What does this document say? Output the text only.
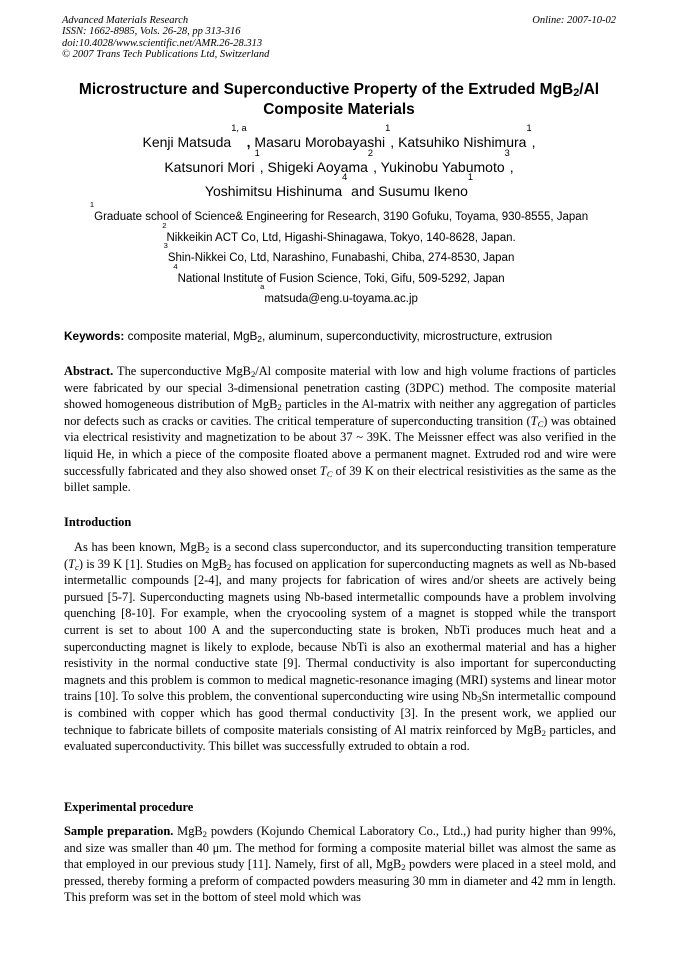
Advanced Materials Research
ISSN: 1662-8985, Vols. 26-28, pp 313-316
doi:10.4028/www.scientific.net/AMR.26-28.313
© 2007 Trans Tech Publications Ltd, Switzerland
Online: 2007-10-02
Microstructure and Superconductive Property of the Extruded MgB$_2$/Al
Composite Materials
Kenji Matsuda$^{1, a}$, Masaru Morobayashi$^1$, Katsuhiko Nishimura$^1$,
Katsunori Mori$^1$, Shigeki Aoyama$^2$, Yukinobu Yabumoto$^3$,
Yoshimitsu Hishinuma$^4$ and Susumu Ikeno$^1$
$^1$Graduate school of Science& Engineering for Research, 3190 Gofuku, Toyama, 930-8555, Japan
$^2$Nikkeikin ACT Co, Ltd, Higashi-Shinagawa, Tokyo, 140-8628, Japan.
$^3$Shin-Nikkei Co, Ltd, Narashino, Funabashi, Chiba, 274-8530, Japan
$^4$National Institute of Fusion Science, Toki, Gifu, 509-5292, Japan
$^a$matsuda@eng.u-toyama.ac.jp
Keywords: composite material, MgB$_2$, aluminum, superconductivity, microstructure, extrusion
Abstract. The superconductive MgB$_2$/Al composite material with low and high volume fractions of particles were fabricated by our special 3-dimensional penetration casting (3DPC) method. The composite material showed homogeneous distribution of MgB$_2$ particles in the Al-matrix with neither any aggregation of particles nor defects such as cracks or cavities. The critical temperature of superconducting transition $(T_C)$ was obtained via electrical resistivity and magnetization to be about 37 ~ 39K. The Meissner effect was also verified in the liquid He, in which a piece of the composite floated above a permanent magnet. Extruded rod and wire were successfully fabricated and they also showed onset $T_C$ of 39 K on their electrical resistivities as the same as the billet sample.
Introduction
As has been known, MgB$_2$ is a second class superconductor, and its superconducting transition temperature $(T_c)$ is 39 K [1]. Studies on MgB$_2$ has focused on application for superconducting magnets as well as Nb-based intermetallic compounds [2-4], and many projects for fabrication of wires and/or sheets are actively being pursued [5-7]. Superconducting magnets using Nb-based intermetallic compounds have a problem involving quenching [8-10]. For example, when the cryocooling system of a magnet is stopped while the transport current is set to about 100 A and the superconducting state is broken, NbTi produces much heat and a superconducting magnet is likely to explode, because NbTi is also an exothermal material and has a higher resistivity in the normal conductive state [9]. Thermal conductivity is also important for superconducting magnets and this problem is common to medical magnetic-resonance imaging (MRI) systems and linear motor trains [10]. To solve this problem, the conventional superconducting wire using $Nb_3Sn$ intermetallic compound is combined with copper which has good thermal conductivity [3]. In the present work, we applied our technique to fabricate billets of composite materials consisting of Al matrix reinforced by MgB$_2$ particles, and evaluated superconductivity. This billet was successfully extruded to obtain a rod.
Experimental procedure
Sample preparation. MgB$_2$ powders (Kojundo Chemical Laboratory Co., Ltd.,) had purity higher than 99%, and size was smaller than 40 μm. The method for forming a composite material billet was almost the same as that employed in our previous study [11]. Namely, first of all, MgB$_2$ powders were placed in a steel mold, and pressed, thereby forming a preform of compacted powders measuring 30 mm in diameter and 42 mm in length. This preform was set in the bottom of steel mold which was
